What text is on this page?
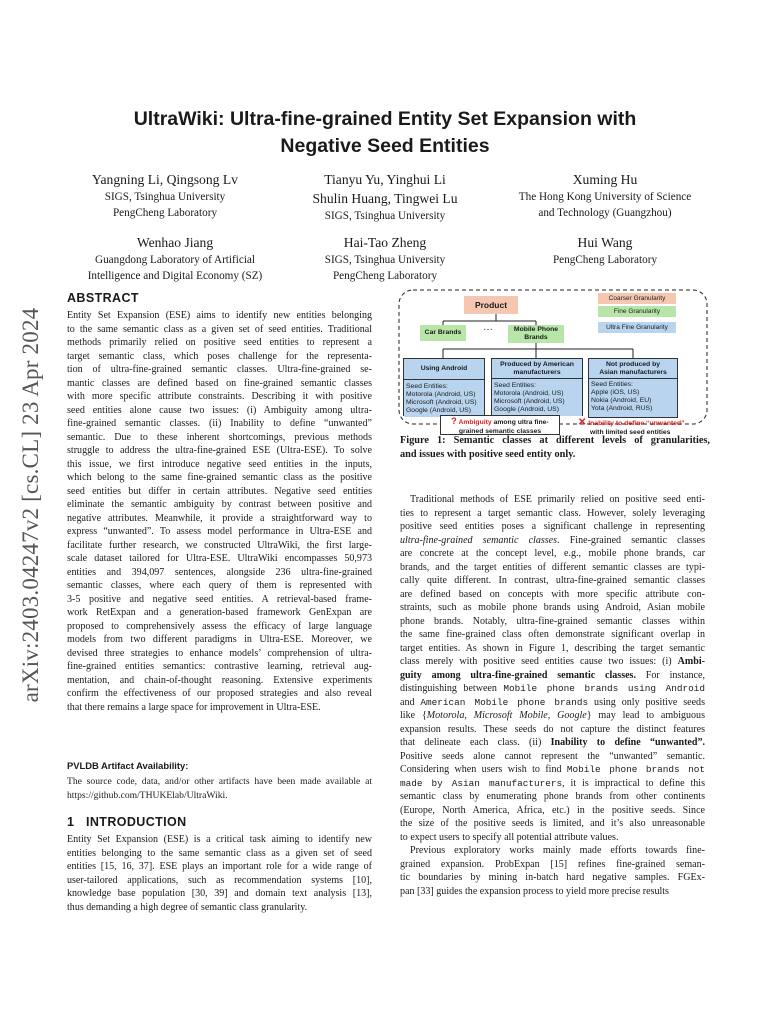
arXiv:2403.04247v2 [cs.CL] 23 Apr 2024
UltraWiki: Ultra-fine-grained Entity Set Expansion with
Negative Seed Entities
Yangning Li, Qingsong Lv
SIGS, Tsinghua University
PengCheng Laboratory
Tianyu Yu, Yinghui Li
Shulin Huang, Tingwei Lu
SIGS, Tsinghua University
Xuming Hu
The Hong Kong University of Science
and Technology (Guangzhou)
Wenhao Jiang
Guangdong Laboratory of Artificial
Intelligence and Digital Economy (SZ)
Hai-Tao Zheng
SIGS, Tsinghua University
PengCheng Laboratory
Hui Wang
PengCheng Laboratory
ABSTRACT
Entity Set Expansion (ESE) aims to identify new entities belonging
to the same semantic class as a given set of seed entities. Traditional
methods primarily relied on positive seed entities to represent a
target semantic class, which poses challenge for the representa-
tion of ultra-fine-grained semantic classes. Ultra-fine-grained se-
mantic classes are defined based on fine-grained semantic classes
with more specific attribute constraints. Describing it with positive
seed entities alone cause two issues: (i) Ambiguity among ultra-
fine-grained semantic classes. (ii) Inability to define “unwanted”
semantic. Due to these inherent shortcomings, previous methods
struggle to address the ultra-fine-grained ESE (Ultra-ESE). To solve
this issue, we first introduce negative seed entities in the inputs,
which belong to the same fine-grained semantic class as the positive
seed entities but differ in certain attributes. Negative seed entities
eliminate the semantic ambiguity by contrast between positive and
negative attributes. Meanwhile, it provide a straightforward way to
express “unwanted”. To assess model performance in Ultra-ESE and
facilitate further research, we constructed UltraWiki, the first large-
scale dataset tailored for Ultra-ESE. UltraWiki encompasses 50,973
entities and 394,097 sentences, alongside 236 ultra-fine-grained
semantic classes, where each query of them is represented with
3-5 positive and negative seed entities. A retrieval-based frame-
work RetExpan and a generation-based framework GenExpan are
proposed to comprehensively assess the efficacy of large language
models from two different paradigms in Ultra-ESE. Moreover, we
devised three strategies to enhance models’ comprehension of ultra-
fine-grained entities semantics: contrastive learning, retrieval aug-
mentation, and chain-of-thought reasoning. Extensive experiments
confirm the effectiveness of our proposed strategies and also reveal
that there remains a large space for improvement in Ultra-ESE.
PVLDB Artifact Availability:
The source code, data, and/or other artifacts have been made available at
https://github.com/THUKElab/UltraWiki.
1 INTRODUCTION
Entity Set Expansion (ESE) is a critical task aiming to identify new
entities belonging to the same semantic class as a given set of seed
entities [15, 16, 37]. ESE plays an important role for a wide range of
user-tailored applications, such as recommendation systems [10],
knowledge base population [30, 39] and domain text analysis [13],
thus demanding a high degree of semantic class granularity.
Coarser Granularity
Fine Granularity
Ultra Fine Granularity
Product
Car Brands	…	Mobile Phone Brands
Using Android
Seed Entities:
Motorola (Android, US)
Microsoft (Android, US)
Google (Android, US)
Produced by American manufacturers
Seed Entities:
Motorola (Android, US)
Microsoft (Android, US)
Google (Android, US)
Not produced by Asian manufacturers
Seed Entities:
Apple (iOS, US)
Nokia (Android, EU)
Yota (Android, RUS)
......
? Ambiguity among ultra fine-
grained semantic classes
✕ Inability to define “unwanted”
with limited seed entities
Figure 1: Semantic classes at different levels of granularities,
and issues with positive seed entity only.
Traditional methods of ESE primarily relied on positive seed enti-
ties to represent a target semantic class. However, solely leveraging
positive seed entities poses a significant challenge in representing
ultra-fine-grained semantic classes. Fine-grained semantic classes
are concrete at the concept level, e.g., mobile phone brands, car
brands, and the target entities of different semantic classes are typi-
cally quite different. In contrast, ultra-fine-grained semantic classes
are defined based on concepts with more specific attribute con-
straints, such as mobile phone brands using Android, Asian mobile
phone brands. Notably, ultra-fine-grained semantic classes within
the same fine-grained class often demonstrate significant overlap in
target entities. As shown in Figure 1, describing the target semantic
class merely with positive seed entities cause two issues: (i) Ambi-
guity among ultra-fine-grained semantic classes. For instance,
distinguishing between Mobile phone brands using Android
and American Mobile phone brands using only positive seeds
like {Motorola, Microsoft Mobile, Google} may lead to ambiguous
expansion results. These seeds do not capture the distinct features
that delineate each class. (ii) Inability to define “unwanted”.
Positive seeds alone cannot represent the “unwanted” semantic.
Considering when users wish to find Mobile phone brands not
made by Asian manufacturers, it is impractical to define this
semantic class by enumerating phone brands from other continents
(Europe, North America, Africa, etc.) in the positive seeds. Since
the size of the positive seeds is limited, and it’s also unreasonable
to expect users to specify all potential attribute values.
Previous exploratory works mainly made efforts towards fine-
grained expansion. ProbExpan [15] refines fine-grained seman-
tic boundaries by mining in-batch hard negative samples. FGEx-
pan [33] guides the expansion process to yield more precise results
